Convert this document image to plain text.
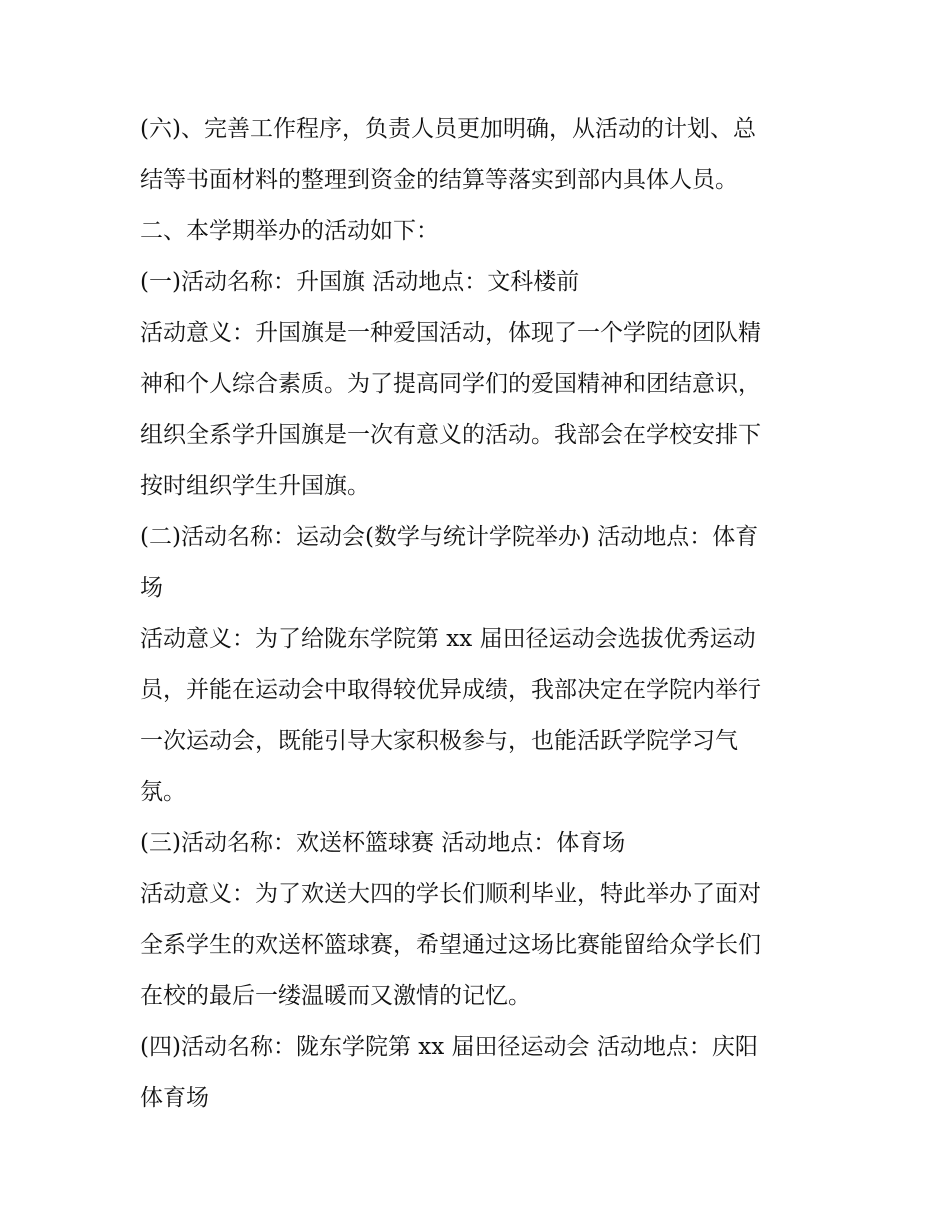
(六)、完善工作程序，负责人员更加明确，从活动的计划、总
结等书面材料的整理到资金的结算等落实到部内具体人员。
二、本学期举办的活动如下：
(一)活动名称：升国旗 活动地点：文科楼前
活动意义：升国旗是一种爱国活动，体现了一个学院的团队精
神和个人综合素质。为了提高同学们的爱国精神和团结意识，
组织全系学升国旗是一次有意义的活动。我部会在学校安排下
按时组织学生升国旗。
(二)活动名称：运动会(数学与统计学院举办) 活动地点：体育
场
活动意义：为了给陇东学院第 xx 届田径运动会选拔优秀运动
员，并能在运动会中取得较优异成绩，我部决定在学院内举行
一次运动会，既能引导大家积极参与，也能活跃学院学习气
氛。
(三)活动名称：欢送杯篮球赛 活动地点：体育场
活动意义：为了欢送大四的学长们顺利毕业，特此举办了面对
全系学生的欢送杯篮球赛，希望通过这场比赛能留给众学长们
在校的最后一缕温暖而又激情的记忆。
(四)活动名称：陇东学院第 xx 届田径运动会 活动地点：庆阳
体育场
